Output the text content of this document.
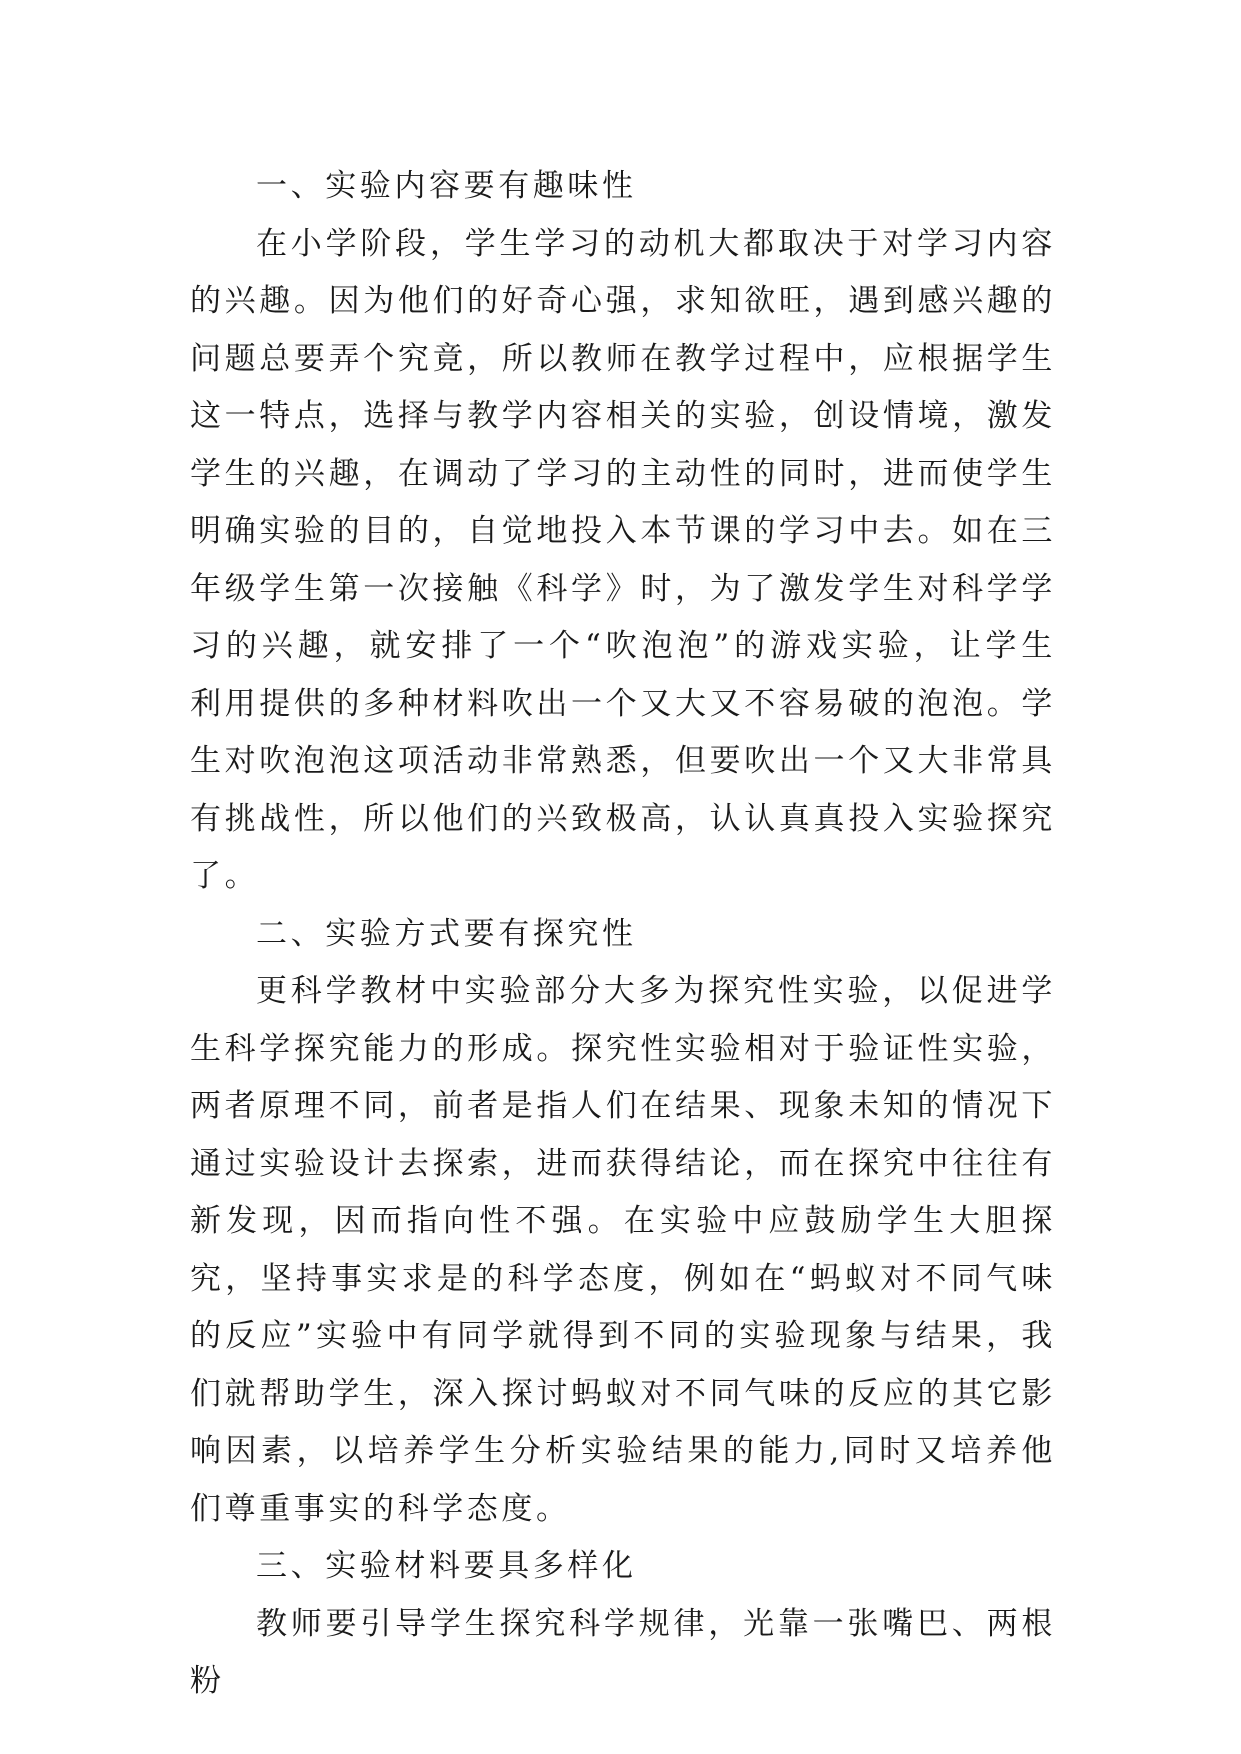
一、实验内容要有趣味性

在小学阶段，学生学习的动机大都取决于对学习内容的兴趣。因为他们的好奇心强，求知欲旺，遇到感兴趣的问题总要弄个究竟，所以教师在教学过程中，应根据学生这一特点，选择与教学内容相关的实验，创设情境，激发学生的兴趣，在调动了学习的主动性的同时，进而使学生明确实验的目的，自觉地投入本节课的学习中去。如在三年级学生第一次接触《科学》时，为了激发学生对科学学习的兴趣，就安排了一个“吹泡泡”的游戏实验，让学生利用提供的多种材料吹出一个又大又不容易破的泡泡。学生对吹泡泡这项活动非常熟悉，但要吹出一个又大非常具有挑战性，所以他们的兴致极高，认认真真投入实验探究了。

二、实验方式要有探究性

更科学教材中实验部分大多为探究性实验，以促进学生科学探究能力的形成。探究性实验相对于验证性实验，两者原理不同，前者是指人们在结果、现象未知的情况下通过实验设计去探索，进而获得结论，而在探究中往往有新发现，因而指向性不强。在实验中应鼓励学生大胆探究，坚持事实求是的科学态度，例如在“蚂蚁对不同气味的反应”实验中有同学就得到不同的实验现象与结果，我们就帮助学生，深入探讨蚂蚁对不同气味的反应的其它影响因素，以培养学生分析实验结果的能力,同时又培养他们尊重事实的科学态度。

三、实验材料要具多样化

教师要引导学生探究科学规律，光靠一张嘴巴、两根粉
